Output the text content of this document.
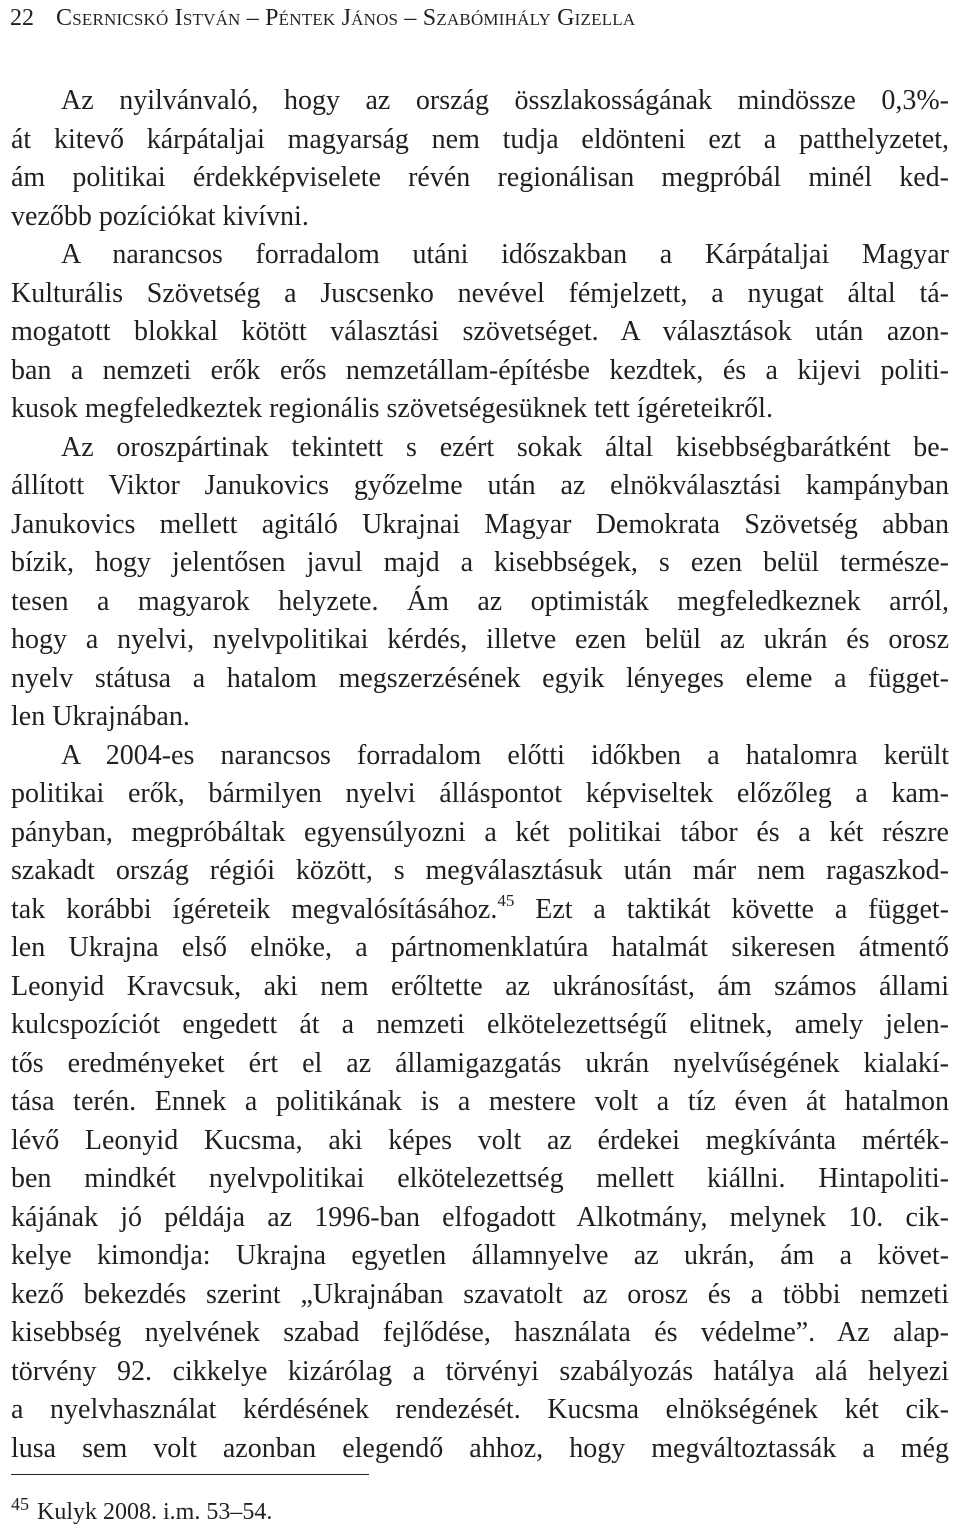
22 Csernicskó István – Péntek János – Szabómihály Gizella
Az nyilvánvaló, hogy az ország összlakosságának mindössze 0,3%-
át kitevő kárpátaljai magyarság nem tudja eldönteni ezt a patthelyzetet,
ám politikai érdekképviselete révén regionálisan megpróbál minél ked-
vezőbb pozíciókat kivívni.
A narancsos forradalom utáni időszakban a Kárpátaljai Magyar
Kulturális Szövetség a Juscsenko nevével fémjelzett, a nyugat által tá-
mogatott blokkal kötött választási szövetséget. A választások után azon-
ban a nemzeti erők erős nemzetállam-építésbe kezdtek, és a kijevi politi-
kusok megfeledkeztek regionális szövetségesüknek tett ígéreteikről.
Az oroszpártinak tekintett s ezért sokak által kisebbségbarátként be-
állított Viktor Janukovics győzelme után az elnökválasztási kampányban
Janukovics mellett agitáló Ukrajnai Magyar Demokrata Szövetség abban
bízik, hogy jelentősen javul majd a kisebbségek, s ezen belül természe-
tesen a magyarok helyzete. Ám az optimisták megfeledkeznek arról,
hogy a nyelvi, nyelvpolitikai kérdés, illetve ezen belül az ukrán és orosz
nyelv státusa a hatalom megszerzésének egyik lényeges eleme a függet-
len Ukrajnában.
A 2004-es narancsos forradalom előtti időkben a hatalomra került
politikai erők, bármilyen nyelvi álláspontot képviseltek előzőleg a kam-
pányban, megpróbáltak egyensúlyozni a két politikai tábor és a két részre
szakadt ország régiói között, s megválasztásuk után már nem ragaszkod-
tak korábbi ígéreteik megvalósításához.$^{45}$ Ezt a taktikát követte a függet-
len Ukrajna első elnöke, a pártnomenklatúra hatalmát sikeresen átmentő
Leonyid Kravcsuk, aki nem erőltette az ukránosítást, ám számos állami
kulcspozíciót engedett át a nemzeti elkötelezettségű elitnek, amely jelen-
tős eredményeket ért el az államigazgatás ukrán nyelvűségének kialakí-
tása terén. Ennek a politikának is a mestere volt a tíz éven át hatalmon
lévő Leonyid Kucsma, aki képes volt az érdekei megkívánta mérték-
ben mindkét nyelvpolitikai elkötelezettség mellett kiállni. Hintapoliti-
kájának jó példája az 1996-ban elfogadott Alkotmány, melynek 10. cik-
kelye kimondja: Ukrajna egyetlen államnyelve az ukrán, ám a követ-
kező bekezdés szerint „Ukrajnában szavatolt az orosz és a többi nemzeti
kisebbség nyelvének szabad fejlődése, használata és védelme”. Az alap-
törvény 92. cikkelye kizárólag a törvényi szabályozás hatálya alá helyezi
a nyelvhasználat kérdésének rendezését. Kucsma elnökségének két cik-
lusa sem volt azonban elegendő ahhoz, hogy megváltoztassák a még
$^{45}$ Kulyk 2008. i.m. 53–54.
